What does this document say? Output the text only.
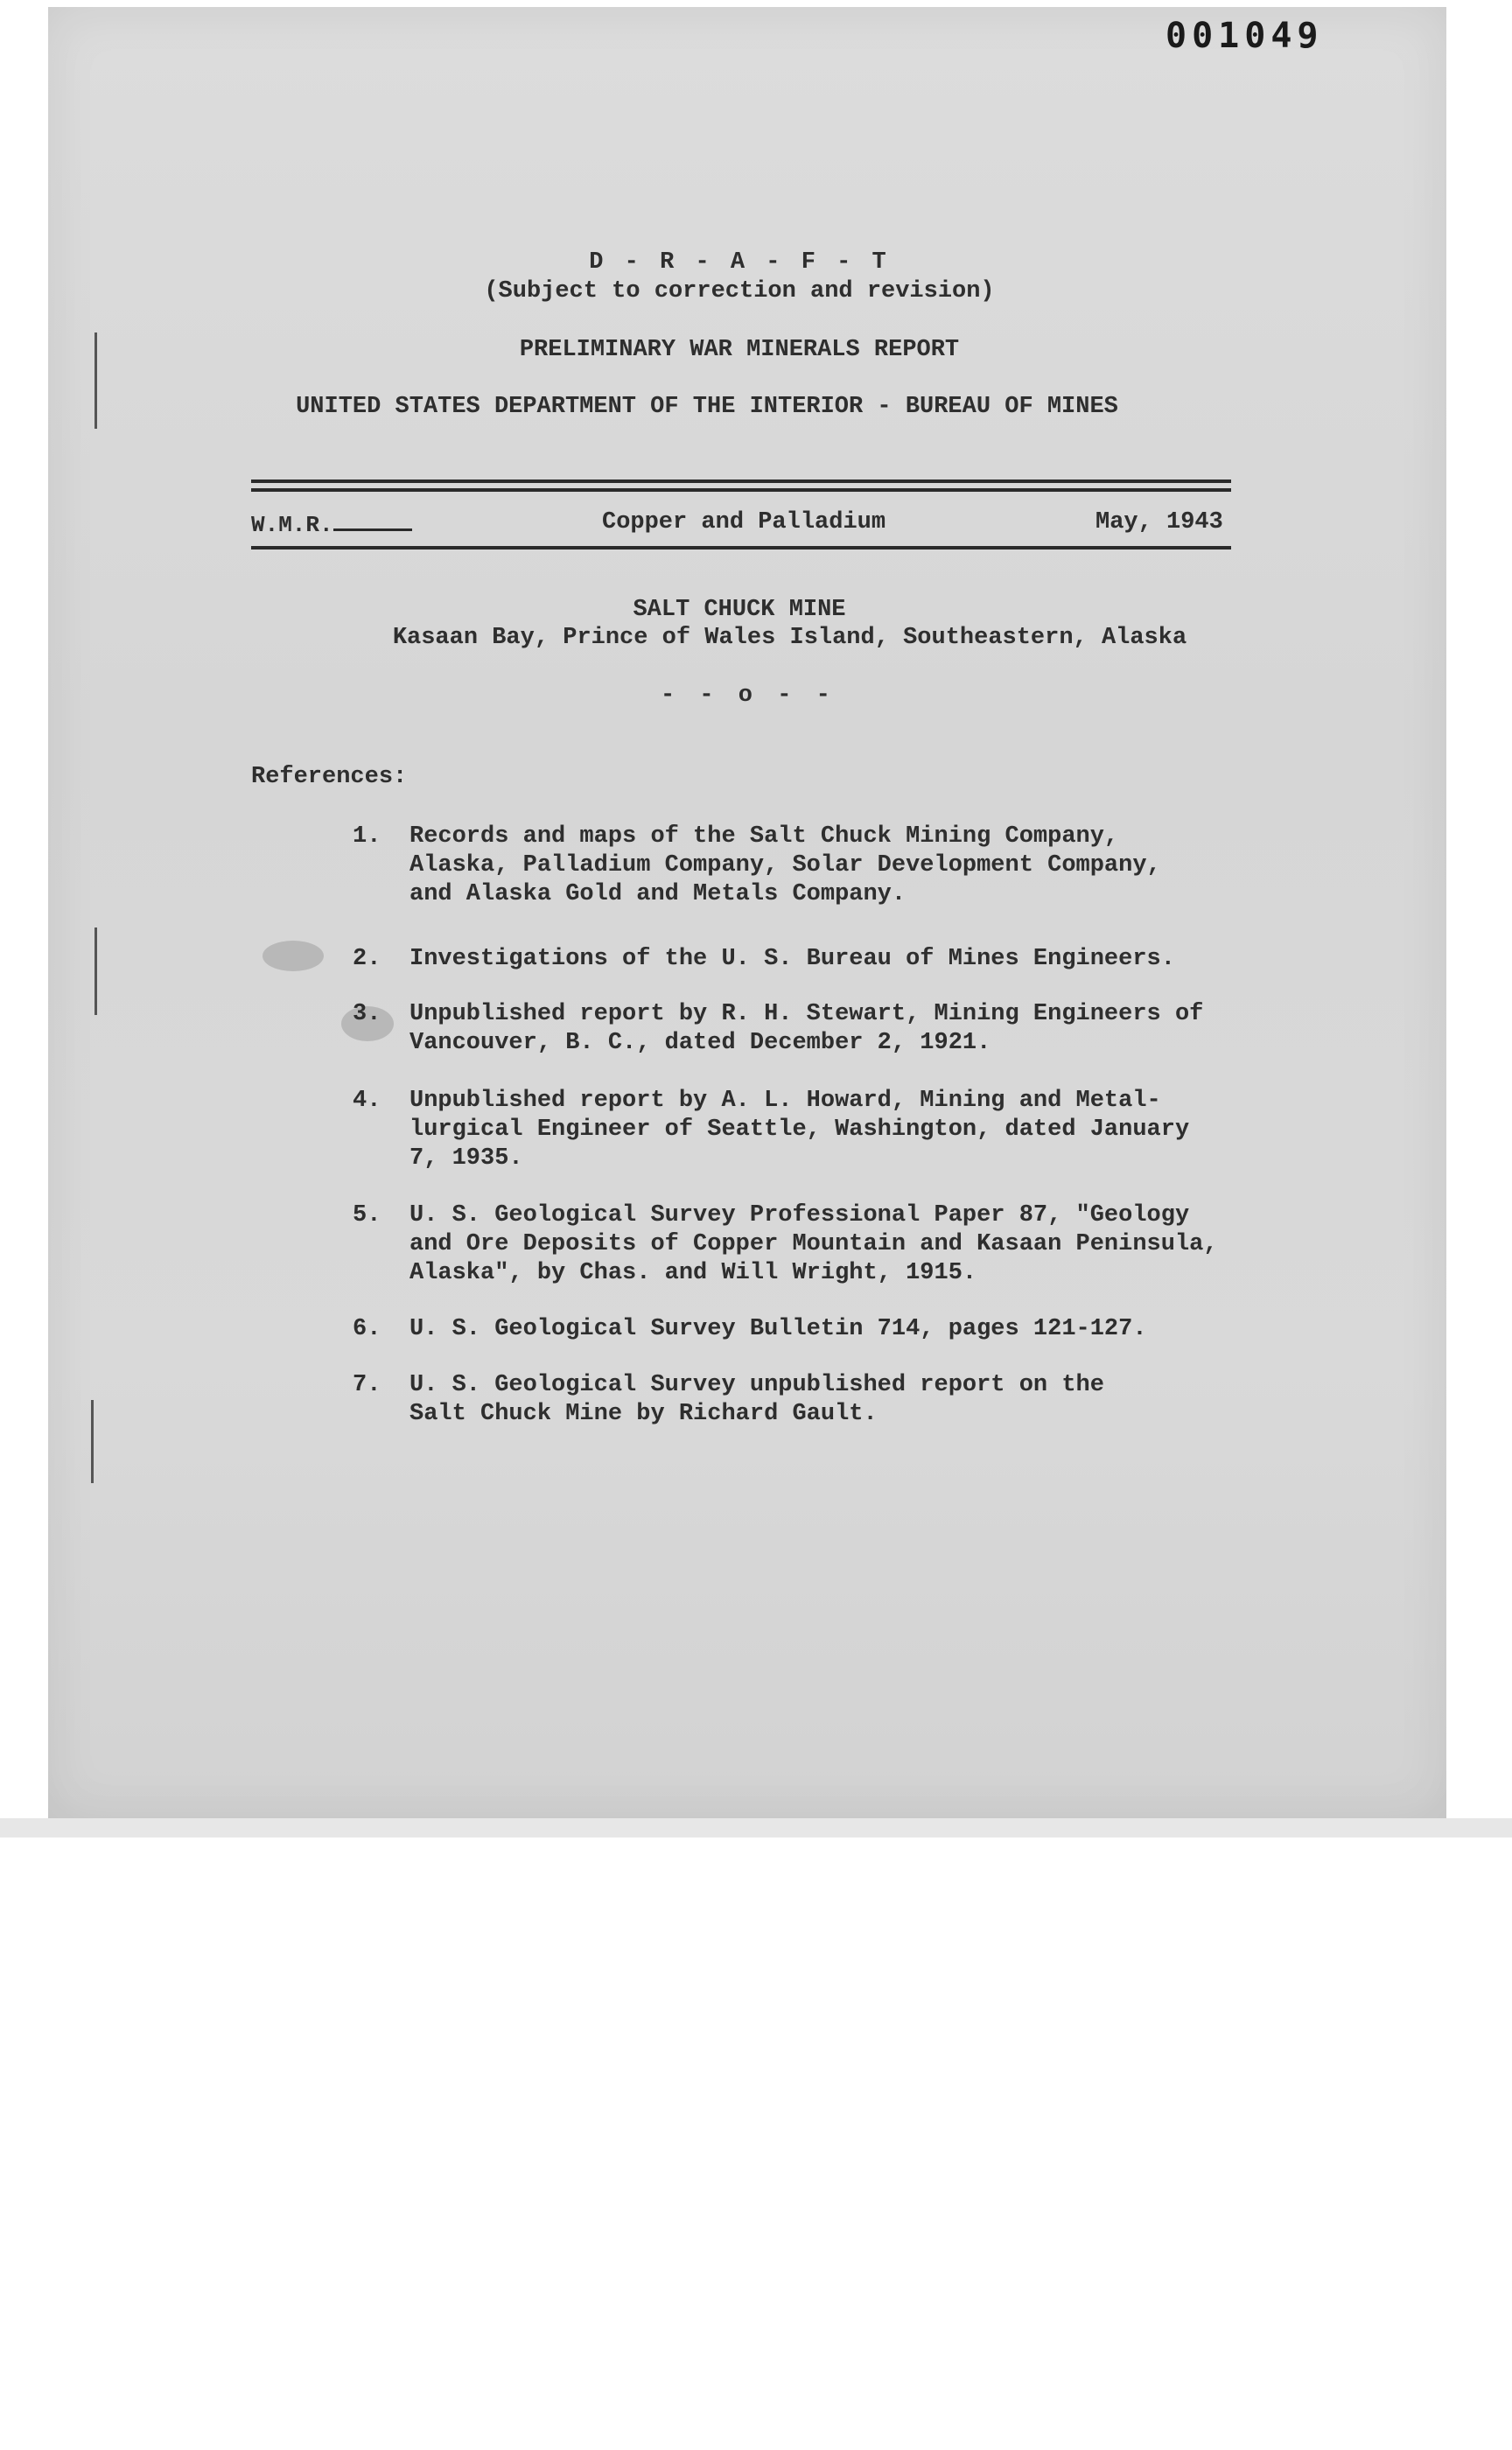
001049
D - R - A - F - T
(Subject to correction and revision)
PRELIMINARY WAR MINERALS REPORT
UNITED STATES DEPARTMENT OF THE INTERIOR - BUREAU OF MINES
W.M.R.	Copper and Palladium	May, 1943
SALT CHUCK MINE
Kasaan Bay, Prince of Wales Island, Southeastern, Alaska
- - o - -
References:
1.	Records and maps of the Salt Chuck Mining Company,
Alaska, Palladium Company, Solar Development Company,
and Alaska Gold and Metals Company.
2.	Investigations of the U. S. Bureau of Mines Engineers.
3.	Unpublished report by R. H. Stewart, Mining Engineers of
Vancouver, B. C., dated December 2, 1921.
4.	Unpublished report by A. L. Howard, Mining and Metal-
lurgical Engineer of Seattle, Washington, dated January
7, 1935.
5.	U. S. Geological Survey Professional Paper 87, "Geology
and Ore Deposits of Copper Mountain and Kasaan Peninsula,
Alaska", by Chas. and Will Wright, 1915.
6.	U. S. Geological Survey Bulletin 714, pages 121-127.
7.	U. S. Geological Survey unpublished report on the
Salt Chuck Mine by Richard Gault.
